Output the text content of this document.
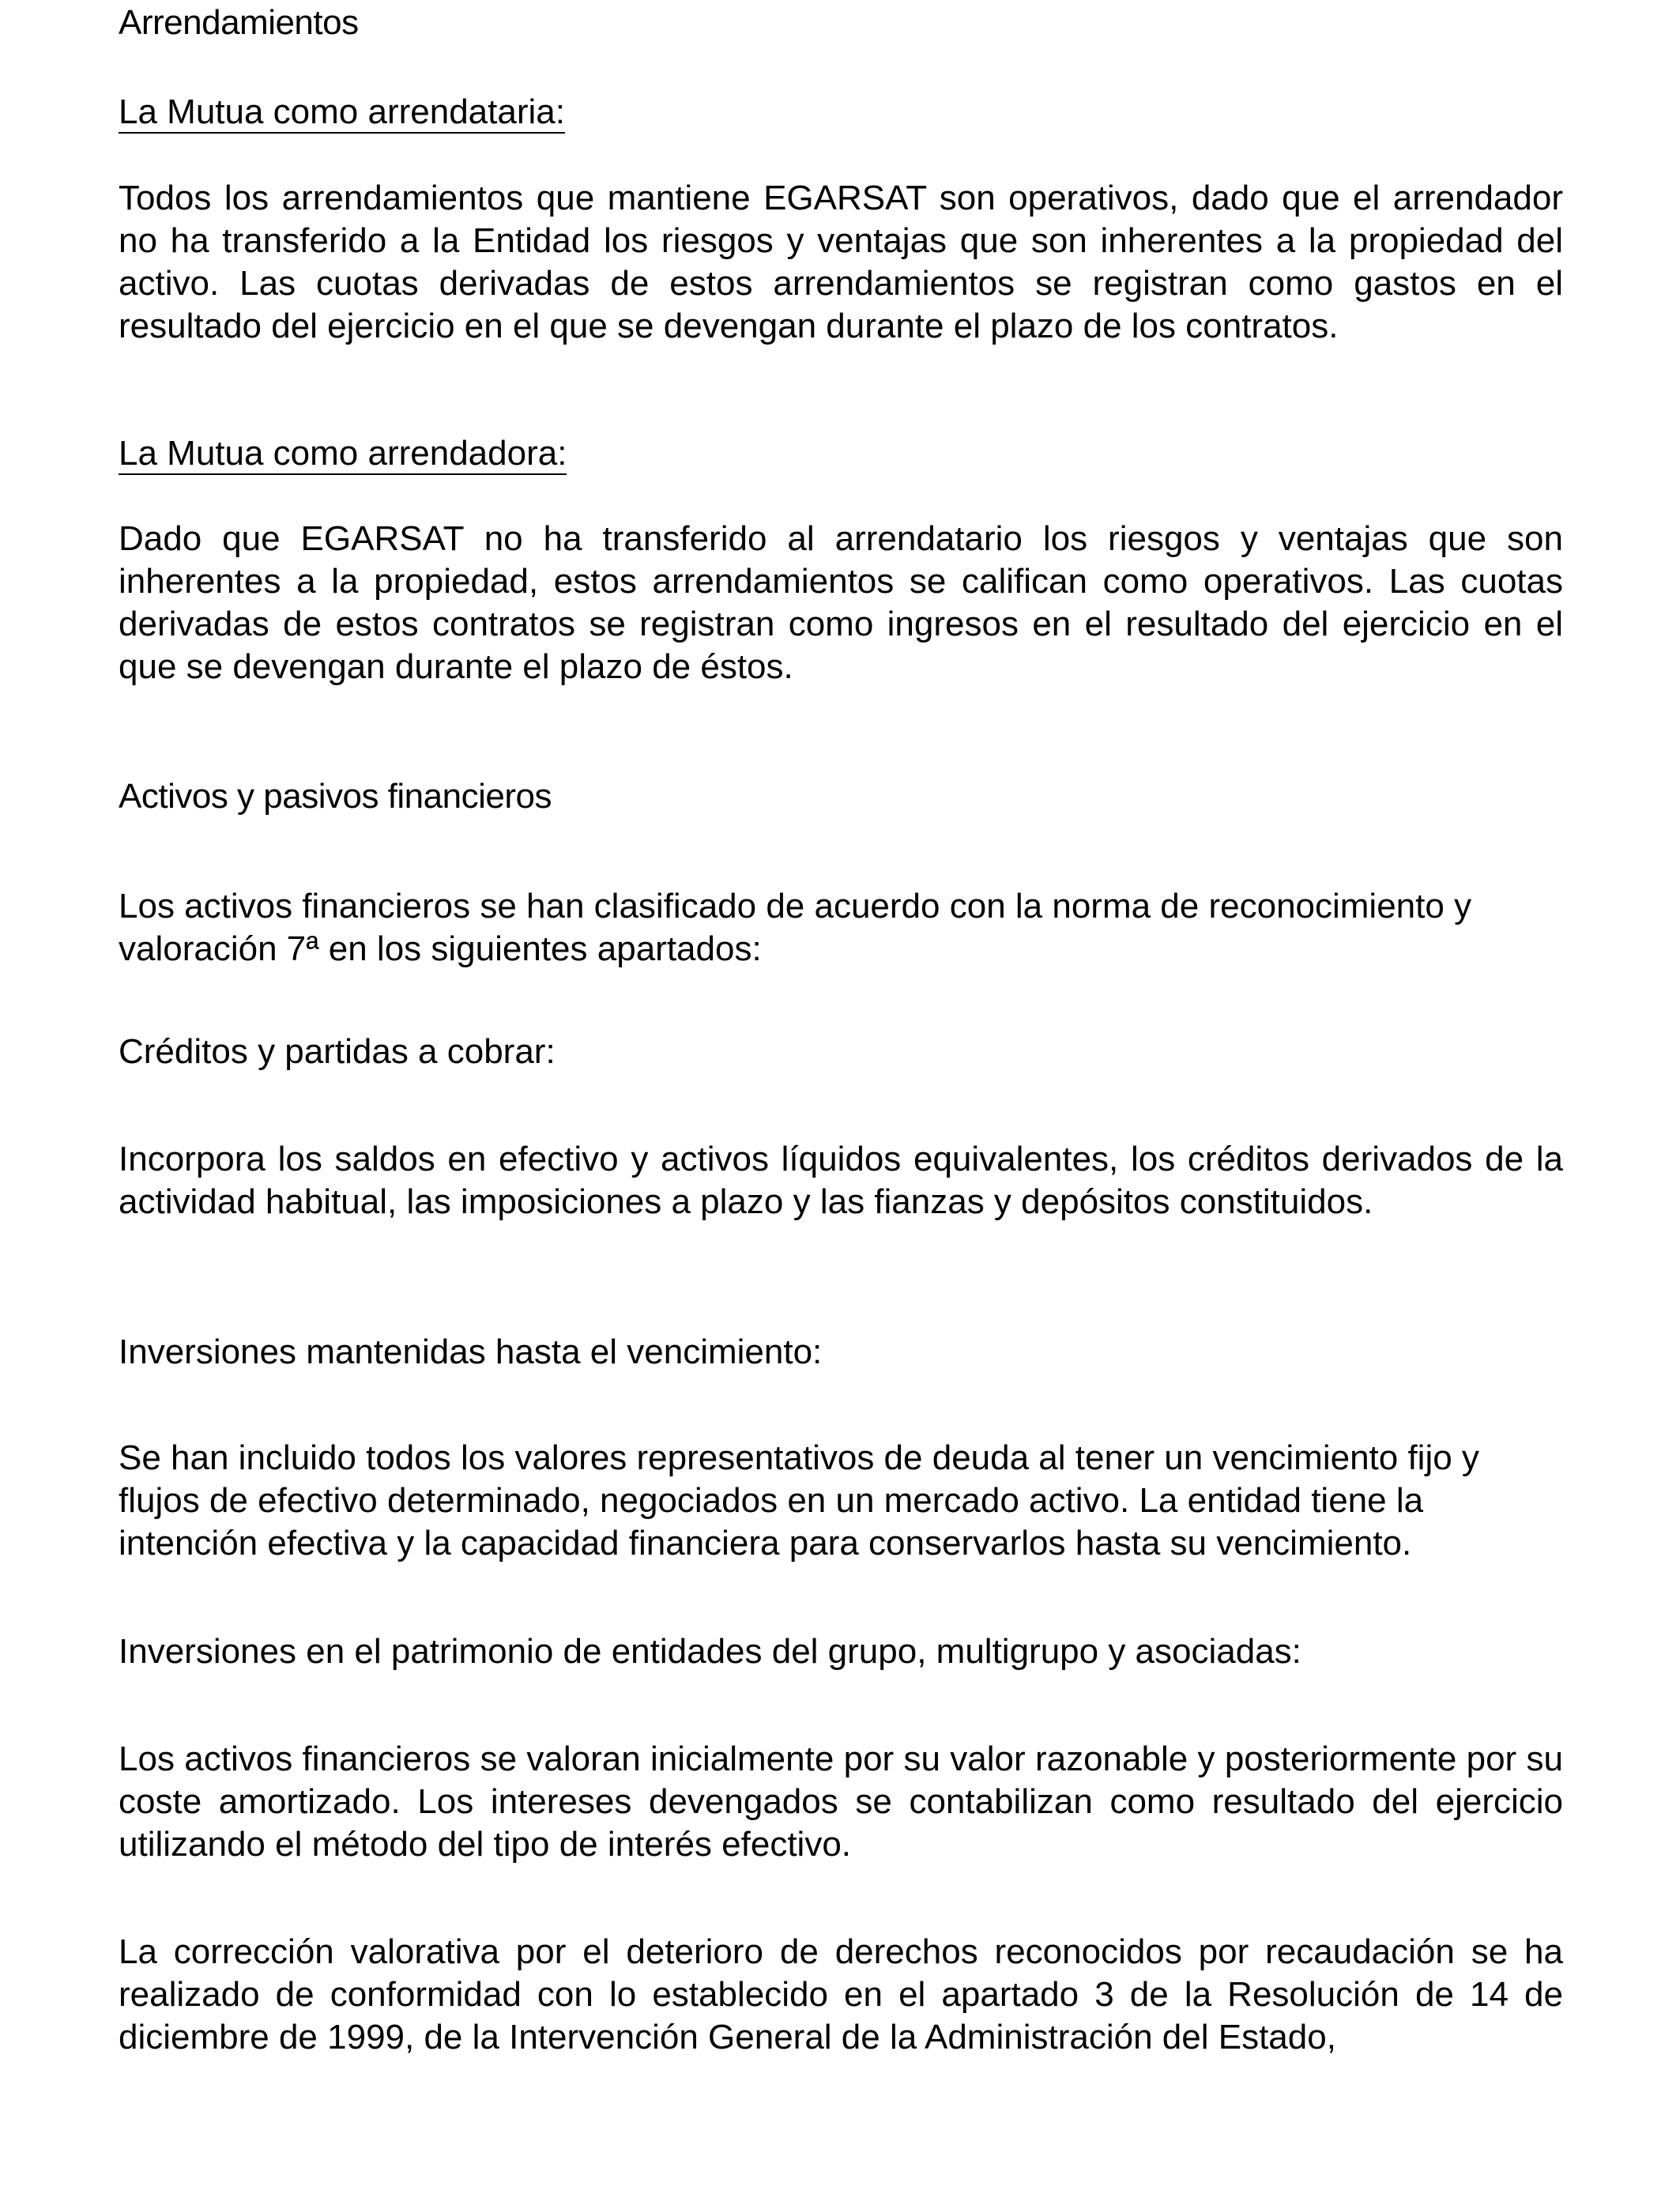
Arrendamientos

La Mutua como arrendataria:

Todos los arrendamientos que mantiene EGARSAT son operativos, dado que el arrendador no ha transferido a la Entidad los riesgos y ventajas que son inherentes a la propiedad del activo. Las cuotas derivadas de estos arrendamientos se registran como gastos en el resultado del ejercicio en el que se devengan durante el plazo de los contratos.

La Mutua como arrendadora:

Dado que EGARSAT no ha transferido al arrendatario los riesgos y ventajas que son inherentes a la propiedad, estos arrendamientos se califican como operativos. Las cuotas derivadas de estos contratos se registran como ingresos en el resultado del ejercicio en el que se devengan durante el plazo de éstos.

Activos y pasivos financieros

Los activos financieros se han clasificado de acuerdo con la norma de reconocimiento y valoración 7ª en los siguientes apartados:

Créditos y partidas a cobrar:

Incorpora los saldos en efectivo y activos líquidos equivalentes, los créditos derivados de la actividad habitual, las imposiciones a plazo y las fianzas y depósitos constituidos.

Inversiones mantenidas hasta el vencimiento:

Se han incluido todos los valores representativos de deuda al tener un vencimiento fijo y flujos de efectivo determinado, negociados en un mercado activo. La entidad tiene la intención efectiva y la capacidad financiera para conservarlos hasta su vencimiento.

Inversiones en el patrimonio de entidades del grupo, multigrupo y asociadas:

Los activos financieros se valoran inicialmente por su valor razonable y posteriormente por su coste amortizado. Los intereses devengados se contabilizan como resultado del ejercicio utilizando el método del tipo de interés efectivo.

La corrección valorativa por el deterioro de derechos reconocidos por recaudación se ha realizado de conformidad con lo establecido en el apartado 3 de la Resolución de 14 de diciembre de 1999, de la Intervención General de la Administración del Estado,
